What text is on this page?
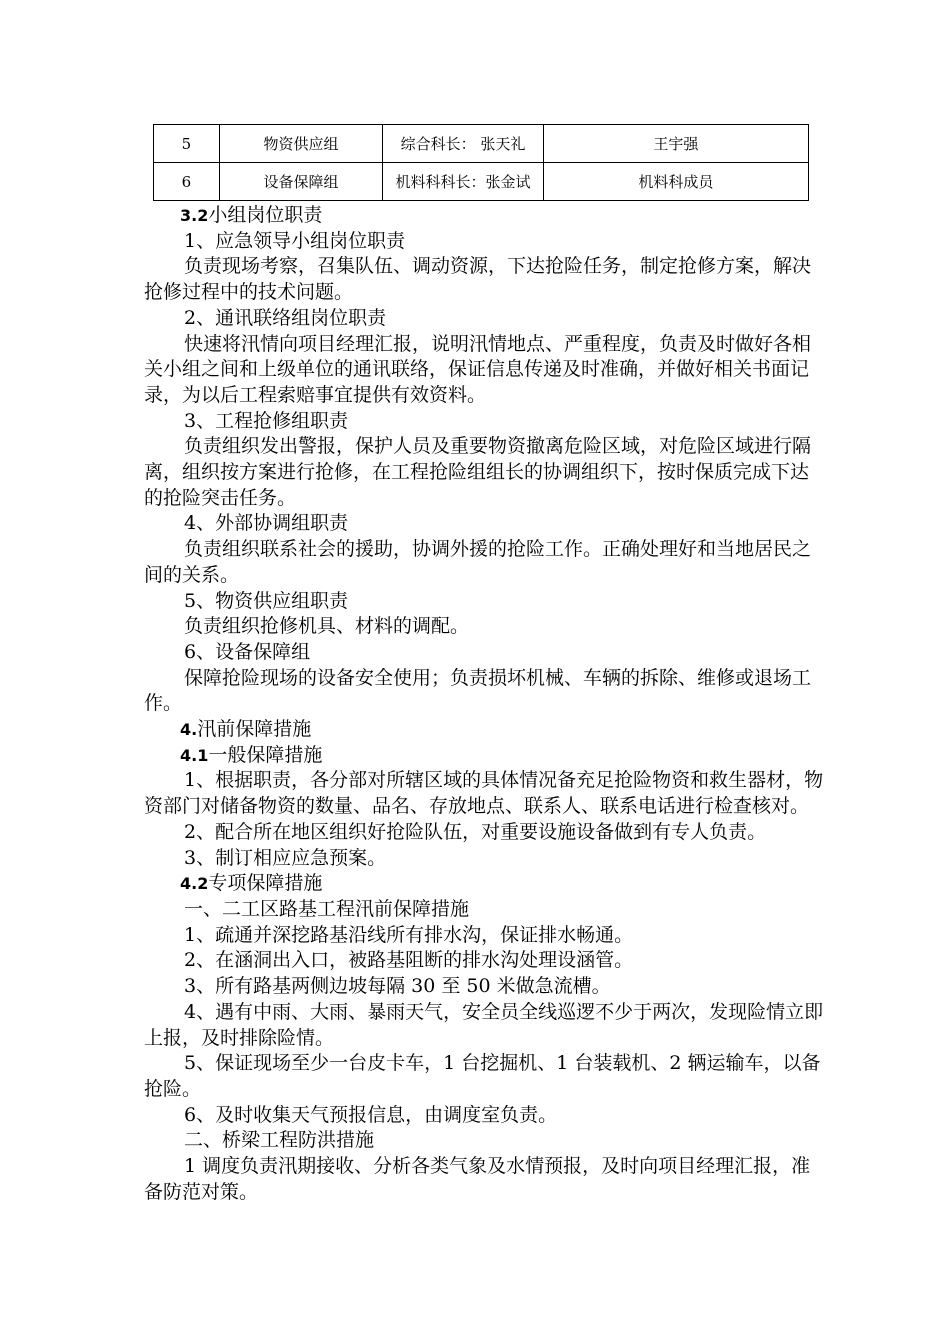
5	物资供应组	综合科长： 张天礼	王宇强
6	设备保障组	机料科科长：张金试	机料科成员

3.2小组岗位职责

1、应急领导小组岗位职责

负责现场考察，召集队伍、调动资源，下达抢险任务，制定抢修方案，解决抢修过程中的技术问题。

2、通讯联络组岗位职责

快速将汛情向项目经理汇报，说明汛情地点、严重程度，负责及时做好各相关小组之间和上级单位的通讯联络，保证信息传递及时准确，并做好相关书面记录，为以后工程索赔事宜提供有效资料。

3、工程抢修组职责

负责组织发出警报，保护人员及重要物资撤离危险区域，对危险区域进行隔离，组织按方案进行抢修，在工程抢险组组长的协调组织下，按时保质完成下达的抢险突击任务。

4、外部协调组职责

负责组织联系社会的援助，协调外援的抢险工作。正确处理好和当地居民之间的关系。

5、物资供应组职责

负责组织抢修机具、材料的调配。

6、设备保障组

保障抢险现场的设备安全使用；负责损坏机械、车辆的拆除、维修或退场工作。

4.汛前保障措施

4.1一般保障措施

1、根据职责，各分部对所辖区域的具体情况备充足抢险物资和救生器材，物资部门对储备物资的数量、品名、存放地点、联系人、联系电话进行检查核对。

2、配合所在地区组织好抢险队伍，对重要设施设备做到有专人负责。

3、制订相应应急预案。

4.2专项保障措施

一、二工区路基工程汛前保障措施

1、疏通并深挖路基沿线所有排水沟，保证排水畅通。

2、在涵洞出入口，被路基阻断的排水沟处理设涵管。

3、所有路基两侧边坡每隔 30 至 50 米做急流槽。

4、遇有中雨、大雨、暴雨天气，安全员全线巡逻不少于两次，发现险情立即上报，及时排除险情。

5、保证现场至少一台皮卡车，1 台挖掘机、1 台装载机、2 辆运输车，以备抢险。

6、及时收集天气预报信息，由调度室负责。

二、桥梁工程防洪措施

1 调度负责汛期接收、分析各类气象及水情预报，及时向项目经理汇报，准备防范对策。
